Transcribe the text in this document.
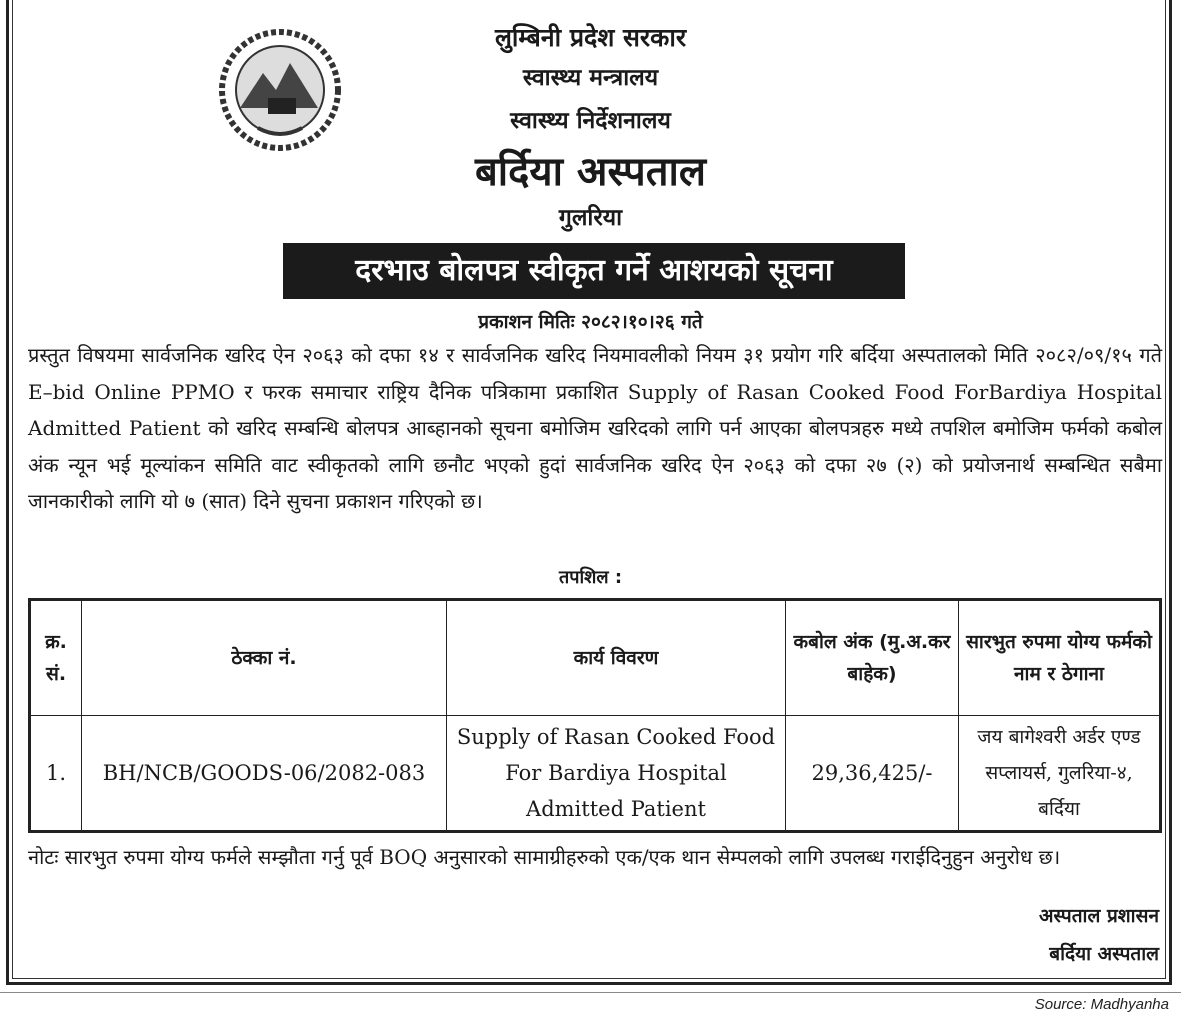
लुम्बिनी प्रदेश सरकार
स्वास्थ्य मन्त्रालय
स्वास्थ्य निर्देशनालय
बर्दिया अस्पताल
गुलरिया
दरभाउ बोलपत्र स्वीकृत गर्ने आशयको सूचना
प्रकाशन मितिः २०८२।१०।२६ गते
प्रस्तुत विषयमा सार्वजनिक खरिद ऐन २०६३ को दफा १४ र सार्वजनिक खरिद नियमावलीको नियम ३१ प्रयोग गरि बर्दिया अस्पतालको मिति २०८२/०९/१५ गते E–bid Online PPMO र फरक समाचार राष्ट्रिय दैनिक पत्रिकामा प्रकाशित Supply of Rasan Cooked Food ForBardiya Hospital Admitted Patient को खरिद सम्बन्धि बोलपत्र आब्हानको सूचना बमोजिम खरिदको लागि पर्न आएका बोलपत्रहरु मध्ये तपशिल बमोजिम फर्मको कबोल अंक न्यून भई मूल्यांकन समिति वाट स्वीकृतको लागि छनौट भएको हुदां सार्वजनिक खरिद ऐन २०६३ को दफा २७ (२) को प्रयोजनार्थ सम्बन्धित सबैमा जानकारीको लागि यो ७ (सात) दिने सुचना प्रकाशन गरिएको छ।
तपशिल :
क्र. सं.	ठेक्का नं.	कार्य विवरण	कबोल अंक (मु.अ.कर बाहेक)	सारभुत रुपमा योग्य फर्मको नाम र ठेगाना
1.	BH/NCB/GOODS-06/2082-083	Supply of Rasan Cooked Food For Bardiya Hospital Admitted Patient	29,36,425/-	जय बागेश्वरी अर्डर एण्ड सप्लायर्स, गुलरिया-४, बर्दिया
नोटः सारभुत रुपमा योग्य फर्मले सम्झौता गर्नु पूर्व BOQ अनुसारको सामाग्रीहरुको एक/एक थान सेम्पलको लागि उपलब्ध गराईदिनुहुन अनुरोध छ।
अस्पताल प्रशासन
बर्दिया अस्पताल
Source: Madhyanha
